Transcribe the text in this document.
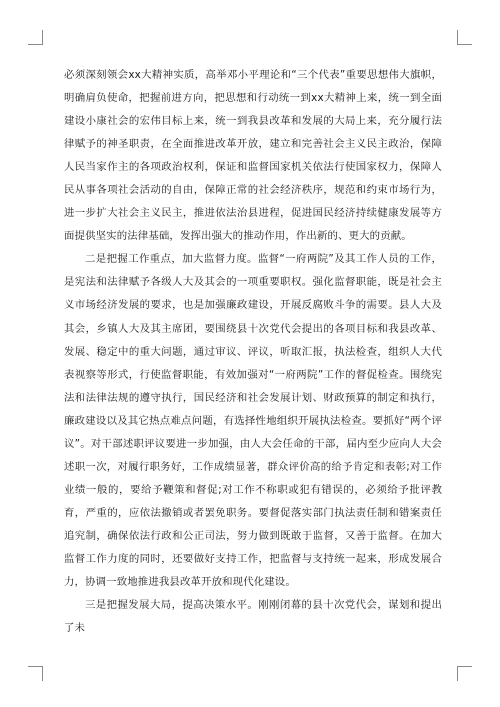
必须深刻领会xx大精神实质，高举邓小平理论和“三个代表”重要思想伟大旗帜，明确肩负使命，把握前进方向，把思想和行动统一到xx大精神上来，统一到全面建设小康社会的宏伟目标上来，统一到我县改革和发展的大局上来，充分履行法律赋予的神圣职责，在全面推进改革开放，建立和完善社会主义民主政治，保障人民当家作主的各项政治权利，保证和监督国家机关依法行使国家权力，保障人民从事各项社会活动的自由，保障正常的社会经济秩序，规范和约束市场行为，进一步扩大社会主义民主，推进依法治县进程，促进国民经济持续健康发展等方面提供坚实的法律基础，发挥出强大的推动作用，作出新的、更大的贡献。

二是把握工作重点，加大监督力度。监督“一府两院”及其工作人员的工作，是宪法和法律赋予各级人大及其会的一项重要职权。强化监督职能，既是社会主义市场经济发展的要求，也是加强廉政建设，开展反腐败斗争的需要。县人大及其会，乡镇人大及其主席团，要围绕县十次党代会提出的各项目标和我县改革、发展、稳定中的重大问题，通过审议、评议，听取汇报，执法检查，组织人大代表视察等形式，行使监督职能，有效加强对“一府两院”工作的督促检查。围绕宪法和法律法规的遵守执行，国民经济和社会发展计划、财政预算的制定和执行，廉政建设以及其它热点难点问题，有选择性地组织开展执法检查。要抓好“两个评议”。对干部述职评议要进一步加强，由人大会任命的干部，届内至少应向人大会述职一次，对履行职务好，工作成绩显著，群众评价高的给予肯定和表彰;对工作业绩一般的，要给予鞭策和督促;对工作不称职或犯有错误的，必须给予批评教育，严重的，应依法撤销或者罢免职务。要督促落实部门执法责任制和错案责任追究制，确保依法行政和公正司法，努力做到既敢于监督，又善于监督。在加大监督工作力度的同时，还要做好支持工作，把监督与支持统一起来，形成发展合力，协调一致地推进我县改革开放和现代化建设。

三是把握发展大局，提高决策水平。刚刚闭幕的县十次党代会，谋划和提出了未
